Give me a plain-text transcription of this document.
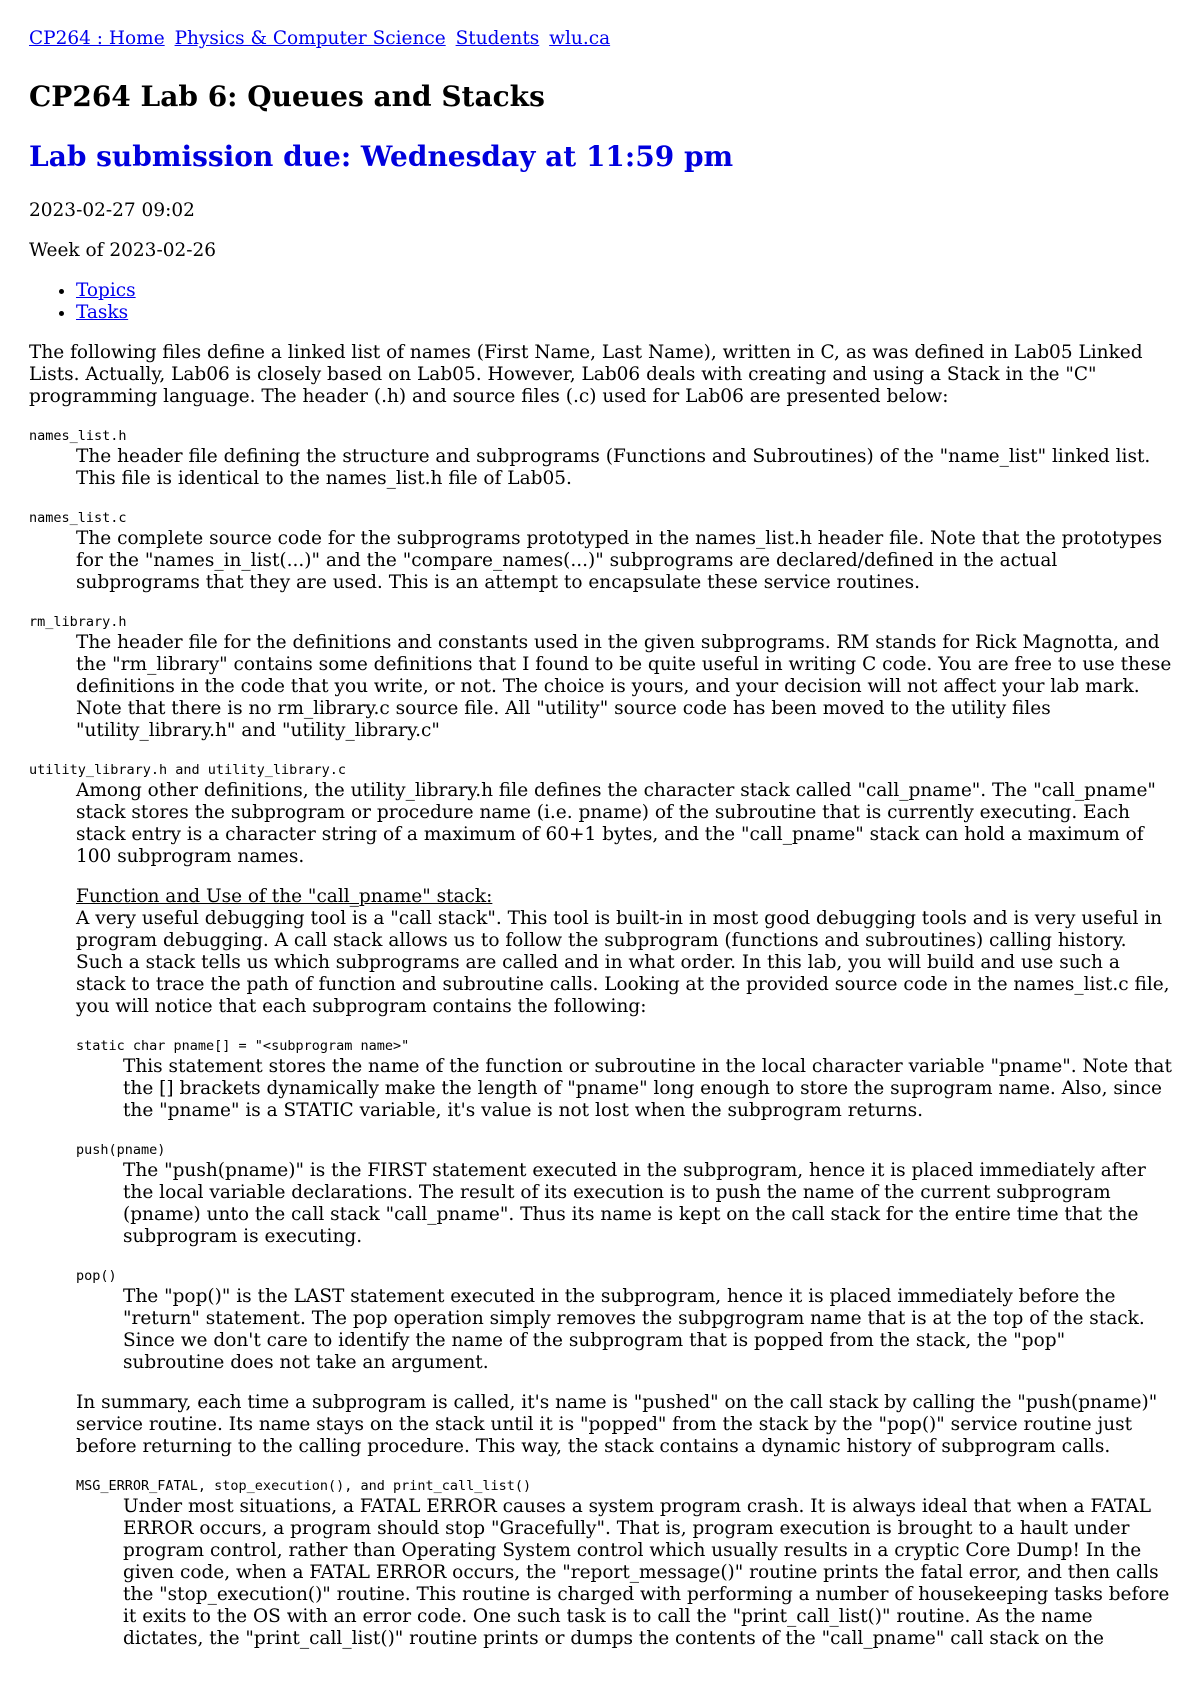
CP264 : Home Physics & Computer Science Students wlu.ca
CP264 Lab 6: Queues and Stacks
Lab submission due: Wednesday at 11:59 pm

2023-02-27 09:02

Week of 2023-02-26

• Topics
• Tasks

The following files define a linked list of names (First Name, Last Name), written in C, as was defined in Lab05 Linked Lists. Actually, Lab06 is closely based on Lab05. However, Lab06 deals with creating and using a Stack in the "C" programming language. The header (.h) and source files (.c) used for Lab06 are presented below:

names_list.h
The header file defining the structure and subprograms (Functions and Subroutines) of the "name_list" linked list. This file is identical to the names_list.h file of Lab05.
names_list.c
The complete source code for the subprograms prototyped in the names_list.h header file. Note that the prototypes for the "names_in_list(...)" and the "compare_names(...)" subprograms are declared/defined in the actual subprograms that they are used. This is an attempt to encapsulate these service routines.
rm_library.h
The header file for the definitions and constants used in the given subprograms. RM stands for Rick Magnotta, and the "rm_library" contains some definitions that I found to be quite useful in writing C code. You are free to use these definitions in the code that you write, or not. The choice is yours, and your decision will not affect your lab mark. Note that there is no rm_library.c source file. All "utility" source code has been moved to the utility files "utility_library.h" and "utility_library.c"
utility_library.h and utility_library.c
Among other definitions, the utility_library.h file defines the character stack called "call_pname". The "call_pname" stack stores the subprogram or procedure name (i.e. pname) of the subroutine that is currently executing. Each stack entry is a character string of a maximum of 60+1 bytes, and the "call_pname" stack can hold a maximum of 100 subprogram names.
Function and Use of the "call_pname" stack:
A very useful debugging tool is a "call stack". This tool is built-in in most good debugging tools and is very useful in program debugging. A call stack allows us to follow the subprogram (functions and subroutines) calling history. Such a stack tells us which subprograms are called and in what order. In this lab, you will build and use such a stack to trace the path of function and subroutine calls. Looking at the provided source code in the names_list.c file, you will notice that each subprogram contains the following:
static char pname[] = "<subprogram name>"
This statement stores the name of the function or subroutine in the local character variable "pname". Note that the [] brackets dynamically make the length of "pname" long enough to store the suprogram name. Also, since the "pname" is a STATIC variable, it's value is not lost when the subprogram returns.
push(pname)
The "push(pname)" is the FIRST statement executed in the subprogram, hence it is placed immediately after the local variable declarations. The result of its execution is to push the name of the current subprogram (pname) unto the call stack "call_pname". Thus its name is kept on the call stack for the entire time that the subprogram is executing.
pop()
The "pop()" is the LAST statement executed in the subprogram, hence it is placed immediately before the "return" statement. The pop operation simply removes the subpgrogram name that is at the top of the stack. Since we don't care to identify the name of the subprogram that is popped from the stack, the "pop" subroutine does not take an argument.

In summary, each time a subprogram is called, it's name is "pushed" on the call stack by calling the "push(pname)" service routine. Its name stays on the stack until it is "popped" from the stack by the "pop()" service routine just before returning to the calling procedure. This way, the stack contains a dynamic history of subprogram calls.

MSG_ERROR_FATAL, stop_execution(), and print_call_list()
Under most situations, a FATAL ERROR causes a system program crash. It is always ideal that when a FATAL ERROR occurs, a program should stop "Gracefully". That is, program execution is brought to a hault under program control, rather than Operating System control which usually results in a cryptic Core Dump! In the given code, when a FATAL ERROR occurs, the "report_message()" routine prints the fatal error, and then calls the "stop_execution()" routine. This routine is charged with performing a number of housekeeping tasks before it exits to the OS with an error code. One such task is to call the "print_call_list()" routine. As the name dictates, the "print_call_list()" routine prints or dumps the contents of the "call_pname" call stack on the
